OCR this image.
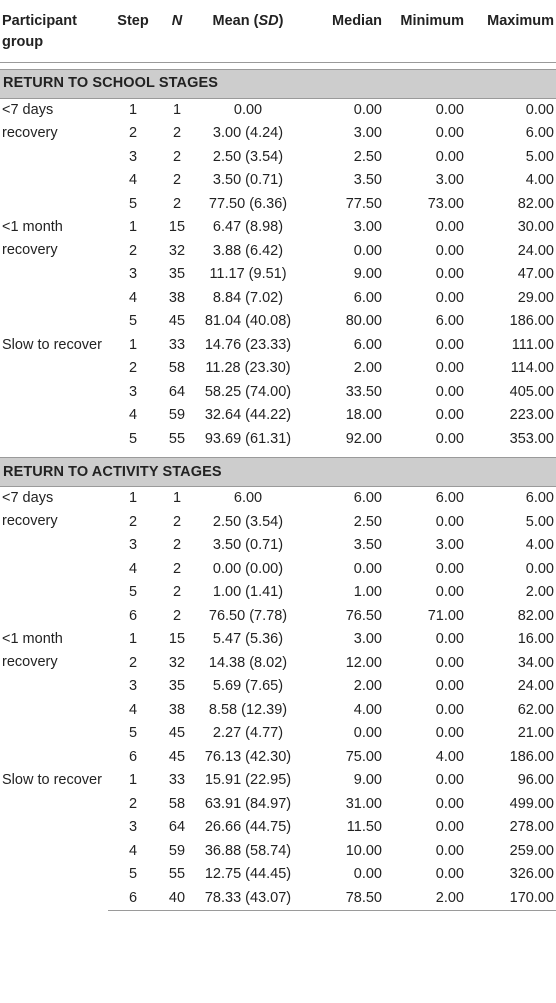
Participant group	Step	N	Mean (SD)	Median	Minimum	Maximum

RETURN TO SCHOOL STAGES						
<7 days recovery	1	1	0.00	0.00	0.00	0.00
	2	2	3.00 (4.24)	3.00	0.00	6.00
	3	2	2.50 (3.54)	2.50	0.00	5.00
	4	2	3.50 (0.71)	3.50	3.00	4.00
	5	2	77.50 (6.36)	77.50	73.00	82.00
<1 month recovery	1	15	6.47 (8.98)	3.00	0.00	30.00
	2	32	3.88 (6.42)	0.00	0.00	24.00
	3	35	11.17 (9.51)	9.00	0.00	47.00
	4	38	8.84 (7.02)	6.00	0.00	29.00
	5	45	81.04 (40.08)	80.00	6.00	186.00
Slow to recover	1	33	14.76 (23.33)	6.00	0.00	111.00
	2	58	11.28 (23.30)	2.00	0.00	114.00
	3	64	58.25 (74.00)	33.50	0.00	405.00
	4	59	32.64 (44.22)	18.00	0.00	223.00
	5	55	93.69 (61.31)	92.00	0.00	353.00

RETURN TO ACTIVITY STAGES						
<7 days recovery	1	1	6.00	6.00	6.00	6.00
	2	2	2.50 (3.54)	2.50	0.00	5.00
	3	2	3.50 (0.71)	3.50	3.00	4.00
	4	2	0.00 (0.00)	0.00	0.00	0.00
	5	2	1.00 (1.41)	1.00	0.00	2.00
	6	2	76.50 (7.78)	76.50	71.00	82.00
<1 month recovery	1	15	5.47 (5.36)	3.00	0.00	16.00
	2	32	14.38 (8.02)	12.00	0.00	34.00
	3	35	5.69 (7.65)	2.00	0.00	24.00
	4	38	8.58 (12.39)	4.00	0.00	62.00
	5	45	2.27 (4.77)	0.00	0.00	21.00
	6	45	76.13 (42.30)	75.00	4.00	186.00
Slow to recover	1	33	15.91 (22.95)	9.00	0.00	96.00
	2	58	63.91 (84.97)	31.00	0.00	499.00
	3	64	26.66 (44.75)	11.50	0.00	278.00
	4	59	36.88 (58.74)	10.00	0.00	259.00
	5	55	12.75 (44.45)	0.00	0.00	326.00
	6	40	78.33 (43.07)	78.50	2.00	170.00
